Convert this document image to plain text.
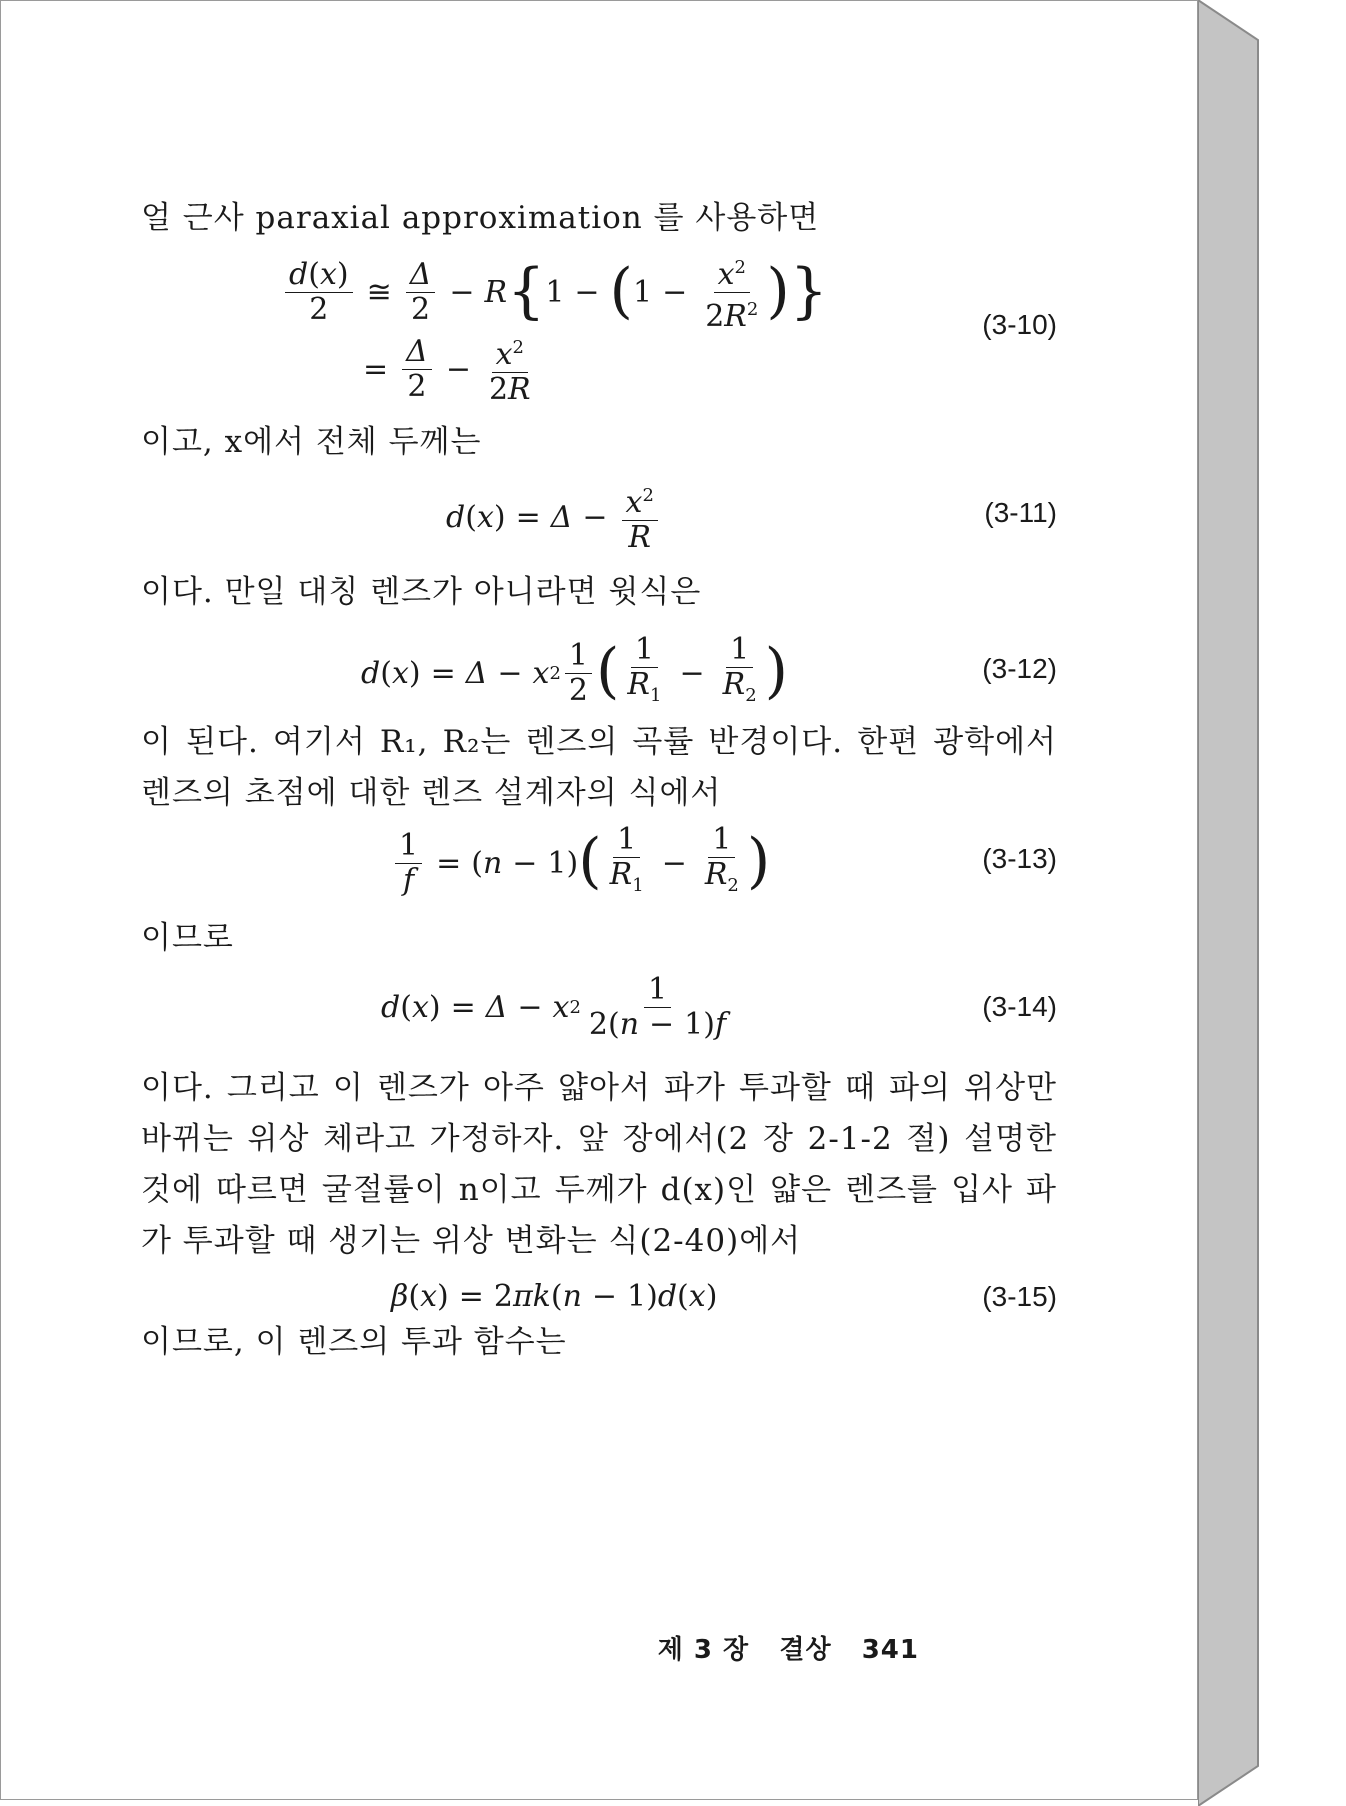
얼 근사 paraxial approximation 를 사용하면

$\frac{d(x)}{2}$ ≅ $\frac{\Delta}{2} - R$ { 1 − ( $1 - \frac{x^2}{2R^2}$ )}
= $\frac{\Delta}{2} - \frac{x^2}{2R}$
(3-10)

이고, x에서 전체 두께는

d ( x ) = $\Delta - \frac{x^2}{R}$	(3-11)

이다. 만일 대칭 렌즈가 아니라면 윗식은

d ( x ) = Δ − x $2 \frac{1}{2}$ ( $\frac{1}{R_1} - \frac{1}{R_2}$ )	(3-12)

이 된다. 여기서 R₁, R₂는 렌즈의 곡률 반경이다. 한편 광학에서 렌즈의 초점에 대한 렌즈 설계자의 식에서

$\frac{1}{f}$ = ( n − 1) ( $\frac{1}{R_1} - \frac{1}{R_2}$ )	(3-13)

이므로

d ( x ) = Δ − x $2 \frac{1}{2(n - 1)f}$	(3-14)

이다. 그리고 이 렌즈가 아주 얇아서 파가 투과할 때 파의 위상만 바뀌는 위상 체라고 가정하자. 앞 장에서(2 장 2-1-2 절) 설명한 것에 따르면 굴절률이 n이고 두께가 d(x)인 얇은 렌즈를 입사 파가 투과할 때 생기는 위상 변화는 식(2-40)에서

β ( x ) = 2 πk ( n − 1) d ( x )	(3-15)

이므로, 이 렌즈의 투과 함수는

제 3 장 결상 341
